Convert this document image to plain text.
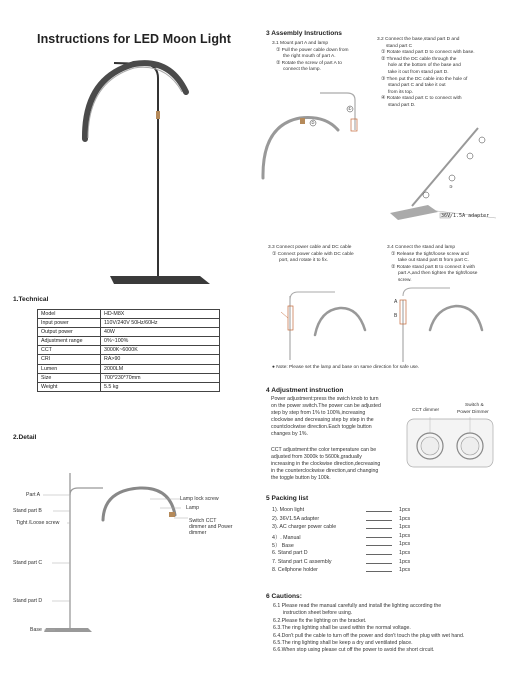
Instructions for LED Moon Light
1.Technical
Model	HD-M8X
Input power	110V/240V 50Hz/60Hz
Output power	40W
Adjustment range	0%~100%
CCT	3000K~6000K
CRI	RA>90
Lumen	2000LM
Size	700*230*70mm
Weight	5.5 kg
2.Detail
Part A
Stand part B
Tight /Loose screw
Stand part C
Stand part D
Base
Lamp lock screw
Lamp
Switch CCT
dimmer and Power
dimmer
3 Assembly Instructions
3.1 Mount part A and lamp
① Pull the power cable down from
the right mouth of part A.
② Rotate the screw of part A to
connect the lamp.
3.2 Connect the base,stand part D and
stand part C
① Rotate stand part D to connect with base.
② Thread the DC cable through the
hole at the bottom of the base and
take it out from stand part D.
③ Then put the DC cable into the hole of
stand part C and take it out
from its top.
④ Rotate stand part C to connect with
stand part D.
②
①
③
36V/1.5A adapter
3.3 Connect power cable and DC cable
① Connect power cable with DC cable
port, and rotate it to fix.
3.4 Connect the stand and lamp
① Release the tight/loose screw and
take out stand part B from part C.
② Rotate stand part B to connect it with
part A,and then tighten the tight/loose
screw.
A
B
● Note: Please set the lamp and base on same direction for safe use.
4 Adjustment instruction
Power adjustment:press the swich knob to turn
on the power switch.The power can be adjusted
step by step from 1% to 100%,increasing
clockwise and decreasing step by step in the
countclockwise direction.Each toggle button
changes by 1%.
CCT adjustment:the color temperature can be
adjusted from 3000k to 5600k,gradually
increasing in the clockwise direction,decreasing
in the counterclockwise direction,and changing
the toggle button by 100k.
CCT dimmer
Switch &
Power Dimmer
5 Packing list
1). Moon light	1pcs
2). 36V1.5A adapter	1pcs
3). AC charger power cable	1pcs
4）. Manual	1pcs
5） Base	1pcs
6. Stand part D	1pcs
7. Stand part C assembly	1pcs
8. Cellphone holder	1pcs
6 Cautions:
6.1 Please read the manual carefully and install the lighting according the
instruction sheet before using.
6.2.Please fix the lighting on the bracket.
6.3.The ring lighting shall be used within the normal voltage.
6.4.Don't pull the cable to turn off the power and don't touch the plug with wet hand.
6.5.The ring lighting shall be keep a dry and ventilated place.
6.6.When stop using please cut off the power to avoid the short circuit.
